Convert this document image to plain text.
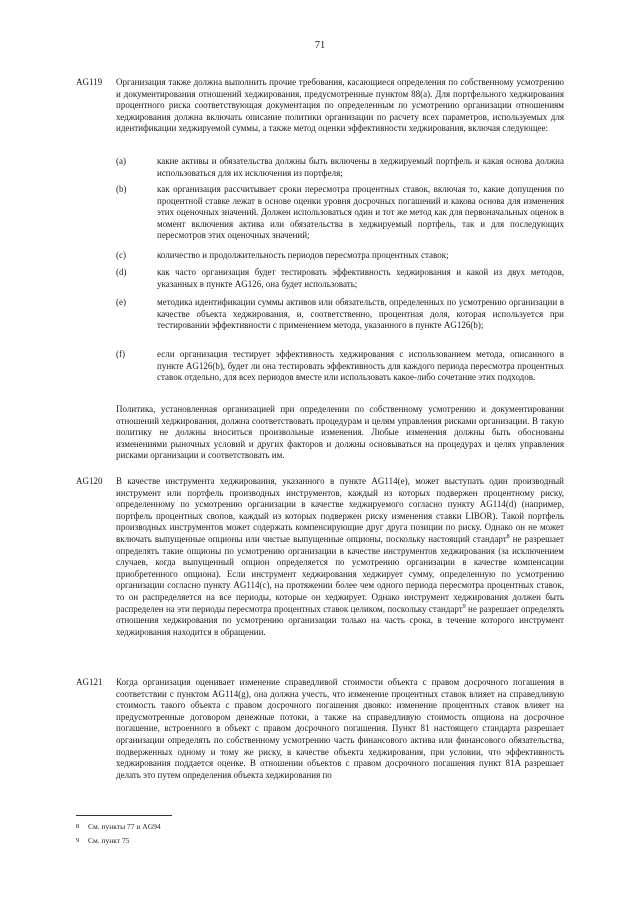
71
AG119	Организация также должна выполнить прочие требования, касающиеся определения по собственному усмотрению и документирования отношений хеджирования, предусмотренные пунктом 88(a). Для портфельного хеджирования процентного риска соответствующая документация по определенным по усмотрению организации отношениям хеджирования должна включать описание политики организации по расчету всех параметров, используемых для идентификации хеджируемой суммы, а также метод оценки эффективности хеджирования, включая следующее:
(a)	какие активы и обязательства должны быть включены в хеджируемый портфель и какая основа должна использоваться для их исключения из портфеля;
(b)	как организация рассчитывает сроки пересмотра процентных ставок, включая то, какие допущения по процентной ставке лежат в основе оценки уровня досрочных погашений и какова основа для изменения этих оценочных значений. Должен использоваться один и тот же метод как для первоначальных оценок в момент включения актива или обязательства в хеджируемый портфель, так и для последующих пересмотров этих оценочных значений;
(c)	количество и продолжительность периодов пересмотра процентных ставок;
(d)	как часто организация будет тестировать эффективность хеджирования и какой из двух методов, указанных в пункте AG126, она будет использовать;
(e)	методика идентификации суммы активов или обязательств, определенных по усмотрению организации в качестве объекта хеджирования, и, соответственно, процентная доля, которая используется при тестировании эффективности с применением метода, указанного в пункте AG126(b);
(f)	если организация тестирует эффективность хеджирования с использованием метода, описанного в пункте AG126(b), будет ли она тестировать эффективность для каждого периода пересмотра процентных ставок отдельно, для всех периодов вместе или использовать какое-либо сочетание этих подходов.
Политика, установленная организацией при определении по собственному усмотрению и документировании отношений хеджирования, должна соответствовать процедурам и целям управления рисками организации. В такую политику не должны вноситься произвольные изменения. Любые изменения должны быть обоснованы изменениями рыночных условий и других факторов и должны основываться на процедурах и целях управления рисками организации и соответствовать им.
AG120	В качестве инструмента хеджирования, указанного в пункте AG114(e), может выступать один производный инструмент или портфель производных инструментов, каждый из которых подвержен процентному риску, определенному по усмотрению организации в качестве хеджируемого согласно пункту AG114(d) (например, портфель процентных свопов, каждый из которых подвержен риску изменения ставки LIBOR). Такой портфель производных инструментов может содержать компенсирующие друг друга позиции по риску. Однако он не может включать выпущенные опционы или чистые выпущенные опционы, поскольку настоящий стандарт$^8$ не разрешает определять такие опционы по усмотрению организации в качестве инструментов хеджирования (за исключением случаев, когда выпущенный опцион определяется по усмотрению организации в качестве компенсации приобретенного опциона). Если инструмент хеджирования хеджирует сумму, определенную по усмотрению организации согласно пункту AG114(c), на протяжении более чем одного периода пересмотра процентных ставок, то он распределяется на все периоды, которые он хеджирует. Однако инструмент хеджирования должен быть распределен на эти периоды пересмотра процентных ставок целиком, поскольку стандарт$^9$ не разрешает определять отношения хеджирования по усмотрению организации только на часть срока, в течение которого инструмент хеджирования находится в обращении.
AG121	Когда организация оценивает изменение справедливой стоимости объекта с правом досрочного погашения в соответствии с пунктом AG114(g), она должна учесть, что изменение процентных ставок влияет на справедливую стоимость такого объекта с правом досрочного погашения двояко: изменение процентных ставок влияет на предусмотренные договором денежные потоки, а также на справедливую стоимость опциона на досрочное погашение, встроенного в объект с правом досрочного погашения. Пункт 81 настоящего стандарта разрешает организации определять по собственному усмотрению часть финансового актива или финансового обязательства, подверженных одному и тому же риску, в качестве объекта хеджирования, при условии, что эффективность хеджирования поддается оценке. В отношении объектов с правом досрочного погашения пункт 81A разрешает делать это путем определения объекта хеджирования по
8 См. пункты 77 и AG94
9 См. пункт 75
